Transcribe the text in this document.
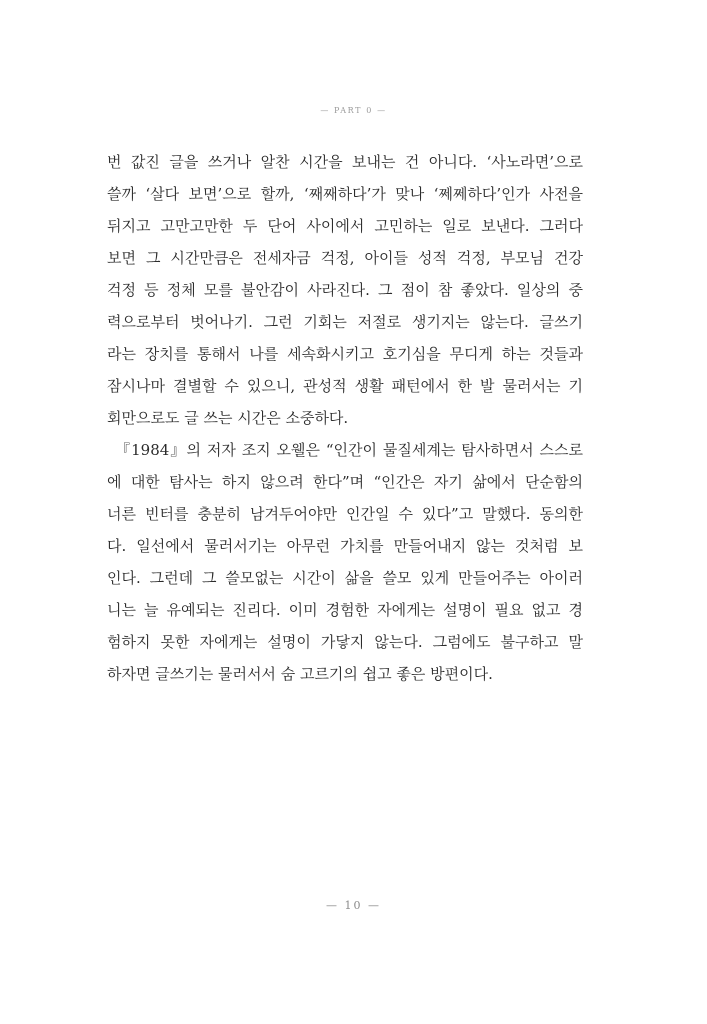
— PART 0 —
번 값진 글을 쓰거나 알찬 시간을 보내는 건 아니다. ‘사노라면’으로
쓸까 ‘살다 보면’으로 할까, ‘째째하다’가 맞나 ‘쩨쩨하다’인가 사전을
뒤지고 고만고만한 두 단어 사이에서 고민하는 일로 보낸다. 그러다
보면 그 시간만큼은 전세자금 걱정, 아이들 성적 걱정, 부모님 건강
걱정 등 정체 모를 불안감이 사라진다. 그 점이 참 좋았다. 일상의 중
력으로부터 벗어나기. 그런 기회는 저절로 생기지는 않는다. 글쓰기
라는 장치를 통해서 나를 세속화시키고 호기심을 무디게 하는 것들과
잠시나마 결별할 수 있으니, 관성적 생활 패턴에서 한 발 물러서는 기
회만으로도 글 쓰는 시간은 소중하다.
『1984』의 저자 조지 오웰은 “인간이 물질세계는 탐사하면서 스스로
에 대한 탐사는 하지 않으려 한다”며 “인간은 자기 삶에서 단순함의
너른 빈터를 충분히 남겨두어야만 인간일 수 있다”고 말했다. 동의한
다. 일선에서 물러서기는 아무런 가치를 만들어내지 않는 것처럼 보
인다. 그런데 그 쓸모없는 시간이 삶을 쓸모 있게 만들어주는 아이러
니는 늘 유예되는 진리다. 이미 경험한 자에게는 설명이 필요 없고 경
험하지 못한 자에게는 설명이 가닿지 않는다. 그럼에도 불구하고 말
하자면 글쓰기는 물러서서 숨 고르기의 쉽고 좋은 방편이다.
— 10 —
